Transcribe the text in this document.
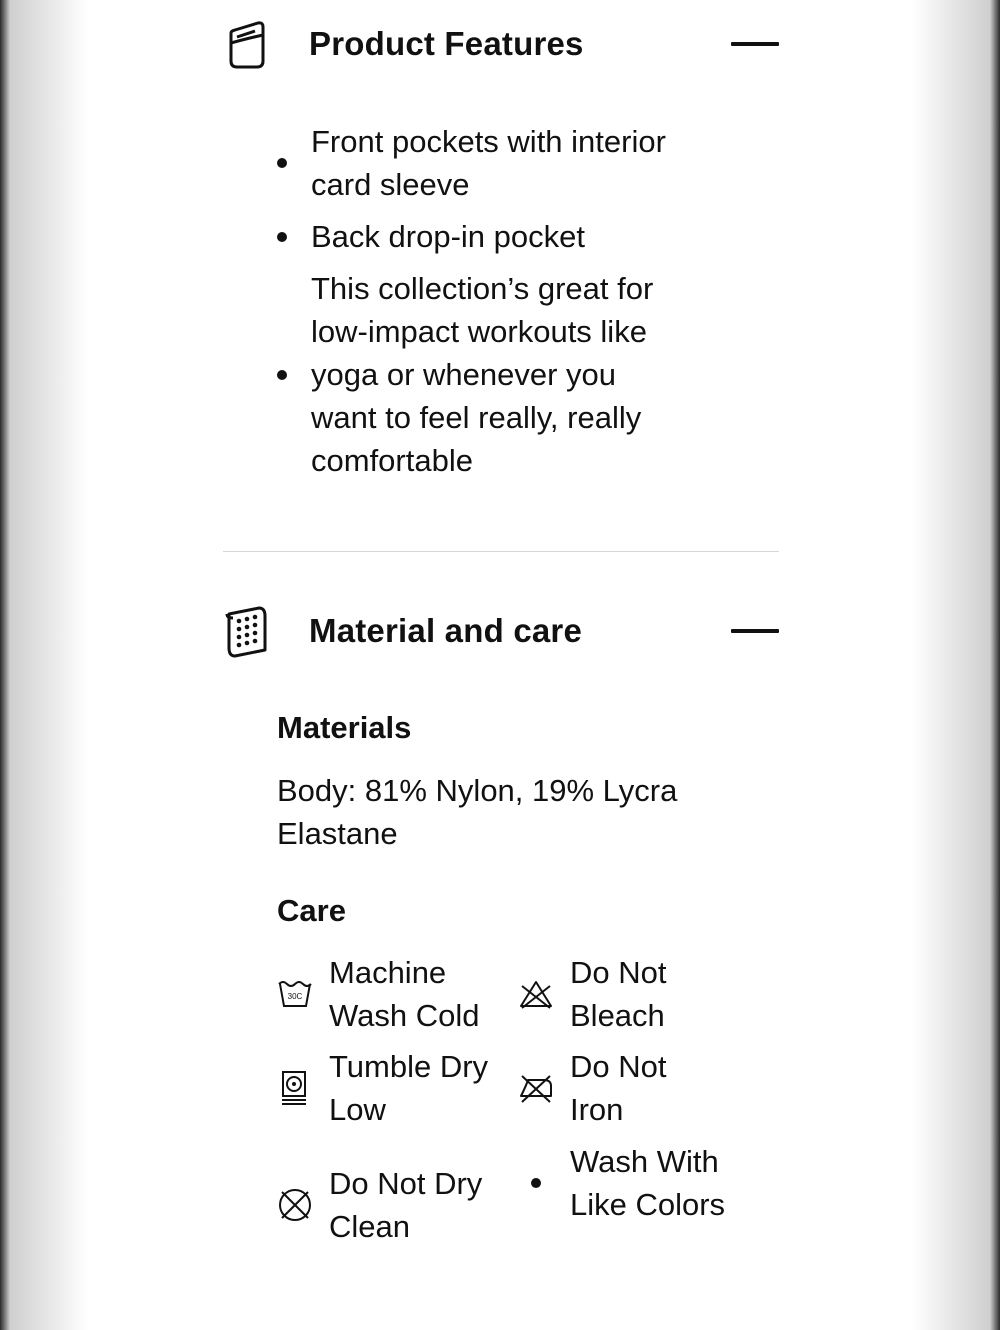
Product Features
Front pockets with interior card sleeve
Back drop-in pocket
This collection’s great for low-impact workouts like yoga or whenever you want to feel really, really comfortable
Material and care
Materials
Body: 81% Nylon, 19% Lycra Elastane
Care
30C
Machine Wash Cold
Do Not Bleach
Tumble Dry Low
Do Not Iron
Do Not Dry Clean
Wash With Like Colors
